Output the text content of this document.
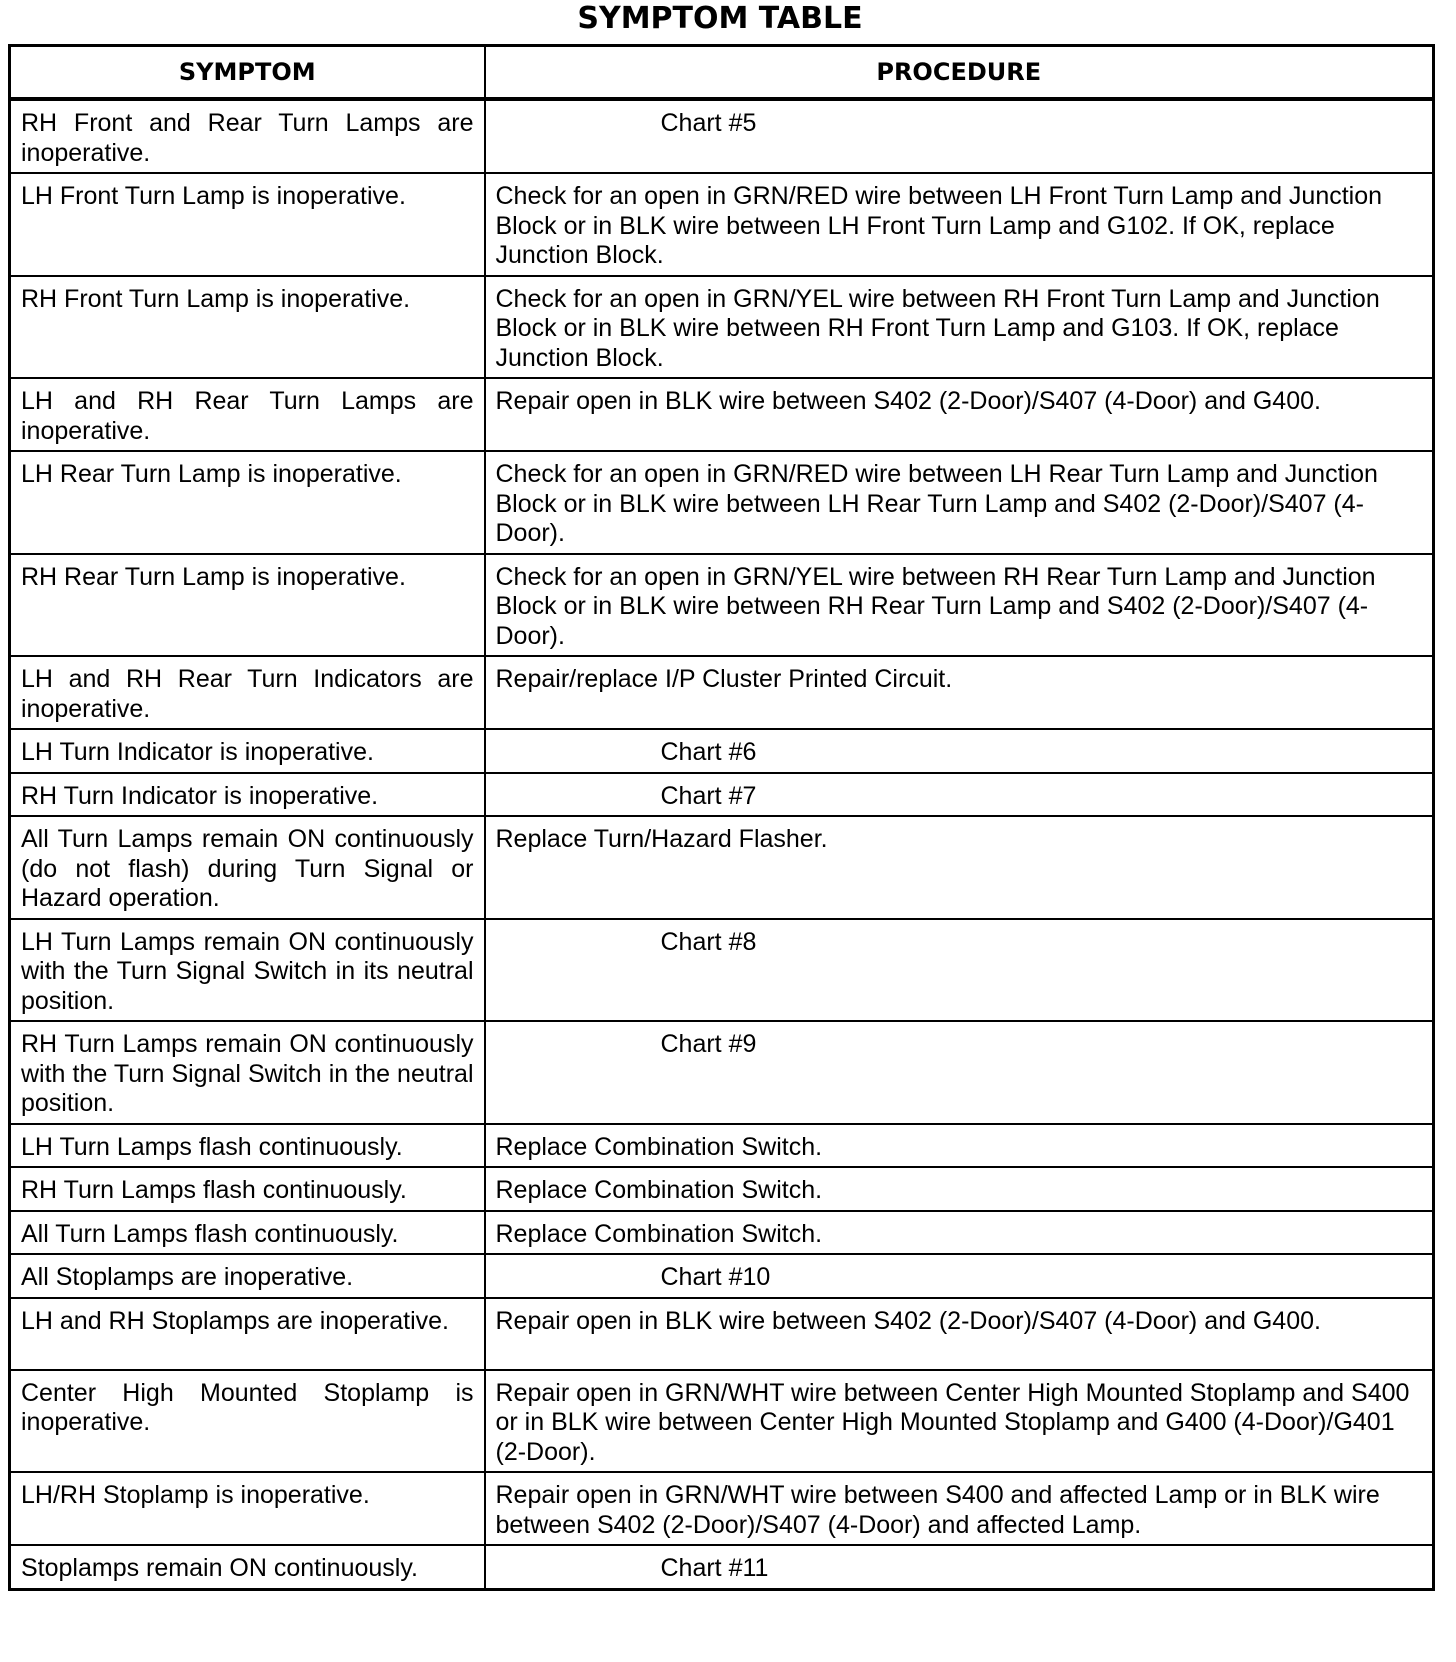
SYMPTOM TABLE
SYMPTOM	PROCEDURE
RH Front and Rear Turn Lamps are inoperative.	Chart #5
LH Front Turn Lamp is inoperative.	Check for an open in GRN/RED wire between LH Front Turn Lamp and Junction Block or in BLK wire between LH Front Turn Lamp and G102. If OK, replace Junction Block.
RH Front Turn Lamp is inoperative.	Check for an open in GRN/YEL wire between RH Front Turn Lamp and Junction Block or in BLK wire between RH Front Turn Lamp and G103. If OK, replace Junction Block.
LH and RH Rear Turn Lamps are inoperative.	Repair open in BLK wire between S402 (2-Door)/S407 (4-Door) and G400.
LH Rear Turn Lamp is inoperative.	Check for an open in GRN/RED wire between LH Rear Turn Lamp and Junction Block or in BLK wire between LH Rear Turn Lamp and S402 (2-Door)/S407 (4-Door).
RH Rear Turn Lamp is inoperative.	Check for an open in GRN/YEL wire between RH Rear Turn Lamp and Junction Block or in BLK wire between RH Rear Turn Lamp and S402 (2-Door)/S407 (4-Door).
LH and RH Rear Turn Indicators are inoperative.	Repair/replace I/P Cluster Printed Circuit.
LH Turn Indicator is inoperative.	Chart #6
RH Turn Indicator is inoperative.	Chart #7
All Turn Lamps remain ON continuously (do not flash) during Turn Signal or Hazard operation.	Replace Turn/Hazard Flasher.
LH Turn Lamps remain ON continuously with the Turn Signal Switch in its neutral position.	Chart #8
RH Turn Lamps remain ON continuously with the Turn Signal Switch in the neutral position.	Chart #9
LH Turn Lamps flash continuously.	Replace Combination Switch.
RH Turn Lamps flash continuously.	Replace Combination Switch.
All Turn Lamps flash continuously.	Replace Combination Switch.
All Stoplamps are inoperative.	Chart #10
LH and RH Stoplamps are inoperative.	Repair open in BLK wire between S402 (2-Door)/S407 (4-Door) and G400.
Center High Mounted Stoplamp is inoperative.	Repair open in GRN/WHT wire between Center High Mounted Stoplamp and S400 or in BLK wire between Center High Mounted Stoplamp and G400 (4-Door)/G401 (2-Door).
LH/RH Stoplamp is inoperative.	Repair open in GRN/WHT wire between S400 and affected Lamp or in BLK wire between S402 (2-Door)/S407 (4-Door) and affected Lamp.
Stoplamps remain ON continuously.	Chart #11
